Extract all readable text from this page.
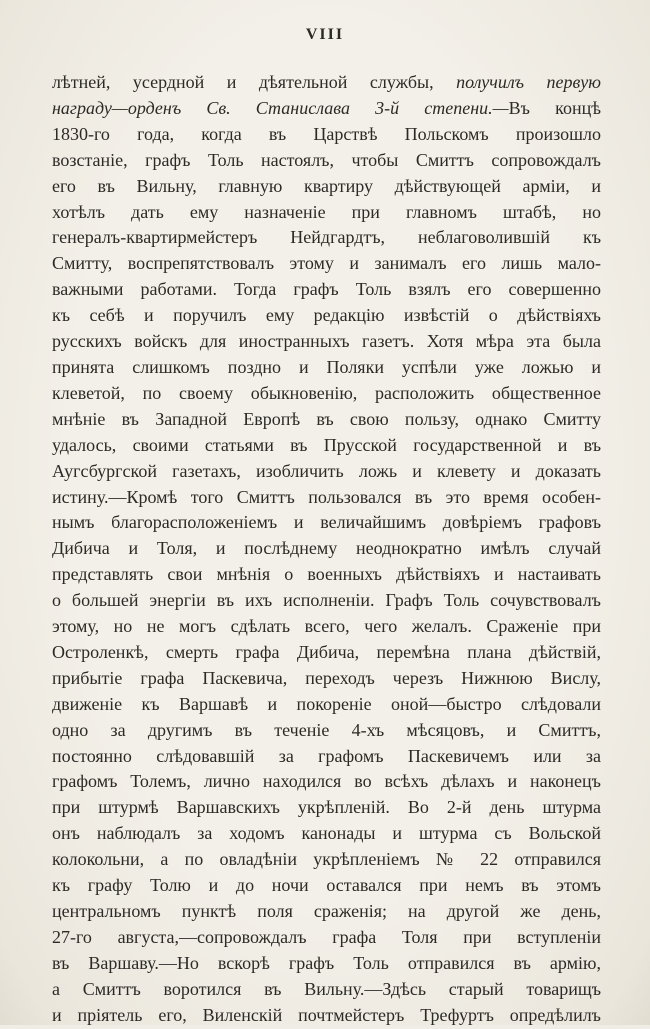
VIII
лѣтней, усердной и дѣятельной службы, получилъ первую
награду—орденъ Св. Станислава 3-й степени.—Въ концѣ
1830-го года, когда въ Царствѣ Польскомъ произошло
возстаніе, графъ Толь настоялъ, чтобы Смиттъ сопровождалъ
его въ Вильну, главную квартиру дѣйствующей арміи, и
хотѣлъ дать ему назначеніе при главномъ штабѣ, но
генералъ-квартирмейстеръ Нейдгардтъ, неблаговолившій къ
Смитту, воспрепятствовалъ этому и занималъ его лишь мало-
важными работами. Тогда графъ Толь взялъ его совершенно
къ себѣ и поручилъ ему редакцію извѣстій о дѣйствіяхъ
русскихъ войскъ для иностранныхъ газетъ. Хотя мѣра эта была
принята слишкомъ поздно и Поляки успѣли уже ложью и
клеветой, по своему обыкновенію, расположить общественное
мнѣніе въ Западной Европѣ въ свою пользу, однако Смитту
удалось, своими статьями въ Прусской государственной и въ
Аугсбургской газетахъ, изобличить ложь и клевету и доказать
истину.—Кромѣ того Смиттъ пользовался въ это время особен-
нымъ благорасположеніемъ и величайшимъ довѣріемъ графовъ
Дибича и Толя, и послѣднему неоднократно имѣлъ случай
представлять свои мнѣнія о военныхъ дѣйствіяхъ и настаивать
о большей энергіи въ ихъ исполненіи. Графъ Толь сочувствовалъ
этому, но не могъ сдѣлать всего, чего желалъ. Сраженіе при
Остроленкѣ, смерть графа Дибича, перемѣна плана дѣйствій,
прибытіе графа Паскевича, переходъ черезъ Нижнюю Вислу,
движеніе къ Варшавѣ и покореніе оной—быстро слѣдовали
одно за другимъ въ теченіе 4-хъ мѣсяцовъ, и Смиттъ,
постоянно слѣдовавшій за графомъ Паскевичемъ или за
графомъ Толемъ, лично находился во всѣхъ дѣлахъ и наконецъ
при штурмѣ Варшавскихъ укрѣпленій. Во 2-й день штурма
онъ наблюдалъ за ходомъ канонады и штурма съ Вольской
колокольни, а по овладѣніи укрѣпленіемъ № 22 отправился
къ графу Толю и до ночи оставался при немъ въ этомъ
центральномъ пунктѣ поля сраженія; на другой же день,
27-го августа,—сопровождалъ графа Толя при вступленіи
въ Варшаву.—Но вскорѣ графъ Толь отправился въ армію,
а Смиттъ воротился въ Вильну.—Здѣсь старый товарищъ
и пріятель его, Виленскій почтмейстеръ Трефуртъ опредѣлилъ
